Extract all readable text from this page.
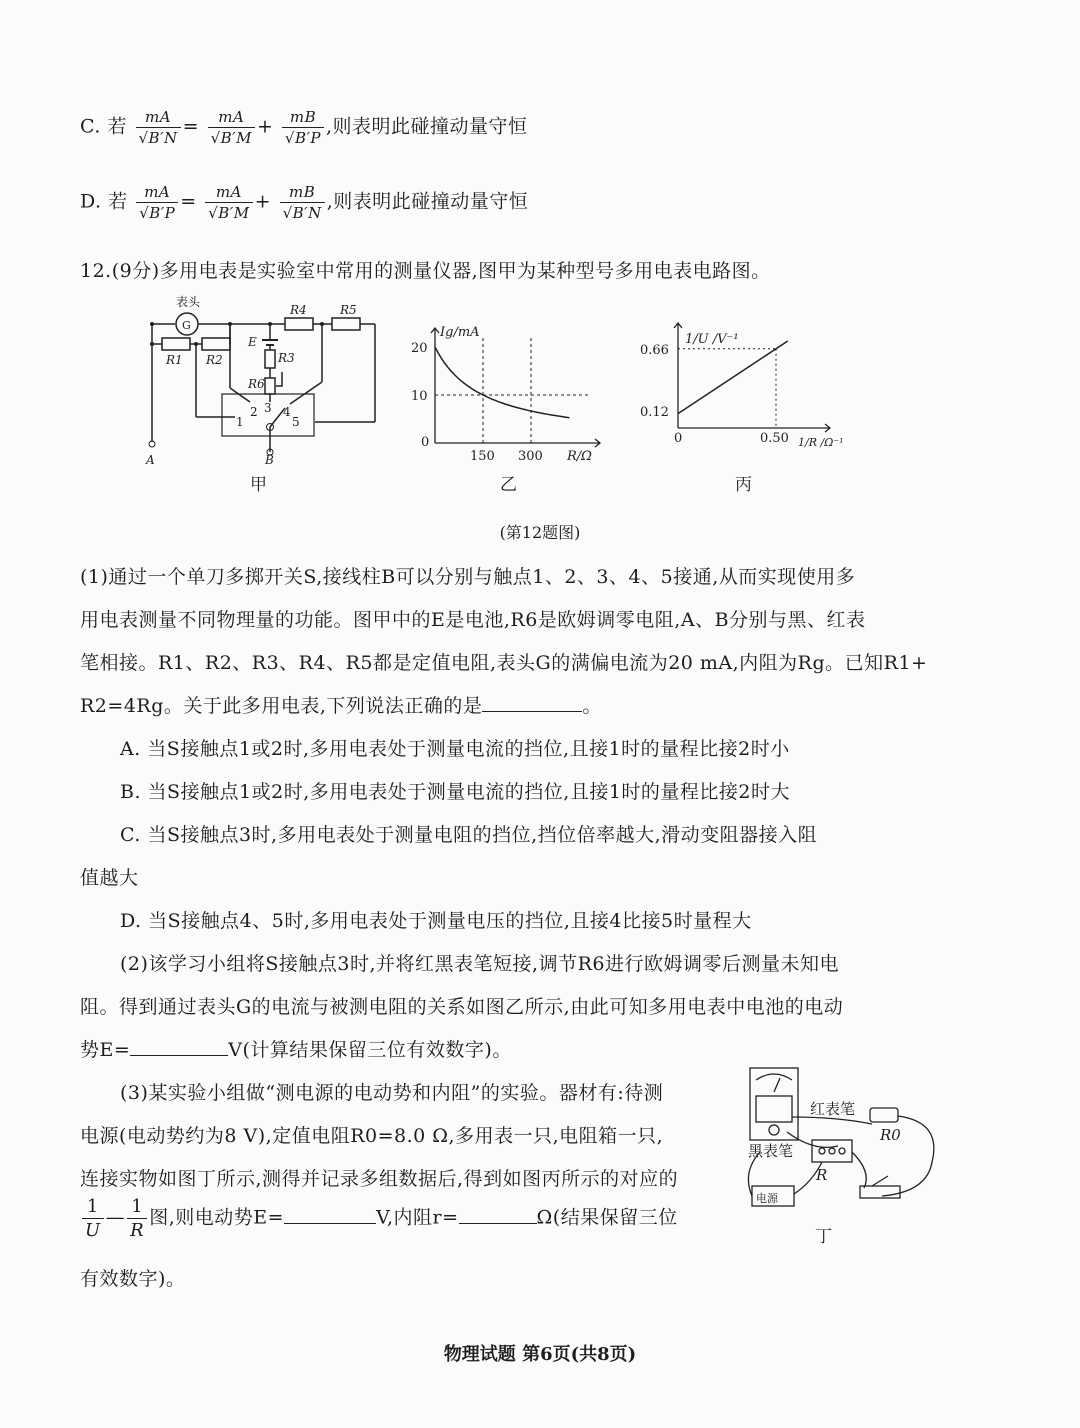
C. 若 $\frac{mA}{√B'N} = \frac{mA}{√B'M} + \frac{mB}{√B'P}$ ,则表明此碰撞动量守恒
D. 若 $\frac{mA}{√B'P} = \frac{mA}{√B'M} + \frac{mB}{√B'N}$ ,则表明此碰撞动量守恒
12.(9分)多用电表是实验室中常用的测量仪器,图甲为某种型号多用电表电路图。
表头
G
R1 R2	R3
R4	R5
R6
E
A	B
1
2 3 4
5
甲
Ig/mA
20
10
0
150 300 R/Ω
乙
1/U /V⁻¹
0.66
0.12
0	0.50 1/R /Ω⁻¹
丙
(第12题图)
(1)通过一个单刀多掷开关S,接线柱B可以分别与触点1、2、3、4、5接通,从而实现使用多
用电表测量不同物理量的功能。图甲中的E是电池,R6是欧姆调零电阻,A、B分别与黑、红表
笔相接。R1、R2、R3、R4、R5都是定值电阻,表头G的满偏电流为20 mA,内阻为Rg。已知R1+
R2=4Rg。关于此多用电表,下列说法正确的是	。
A. 当S接触点1或2时,多用电表处于测量电流的挡位,且接1时的量程比接2时小
B. 当S接触点1或2时,多用电表处于测量电流的挡位,且接1时的量程比接2时大
C. 当S接触点3时,多用电表处于测量电阻的挡位,挡位倍率越大,滑动变阻器接入阻
值越大
D. 当S接触点4、5时,多用电表处于测量电压的挡位,且接4比接5时量程大
(2)该学习小组将S接触点3时,并将红黑表笔短接,调节R6进行欧姆调零后测量未知电
阻。得到通过表头G的电流与被测电阻的关系如图乙所示,由此可知多用电表中电池的电动
势E=	V(计算结果保留三位有效数字)。
(3)某实验小组做“测电源的电动势和内阻”的实验。器材有:待测
电源(电动势约为8 V),定值电阻R0=8.0 Ω,多用表一只,电阻箱一只,
连接实物如图丁所示,测得并记录多组数据后,得到如图丙所示的对应的
$\frac{1}{U}$ — $\frac{1}{R}$ 图,则电动势E=	V,内阻r=	Ω(结果保留三位
有效数字)。
红表笔
黑表笔
R0
R
电源
丁
物理试题 第6页(共8页)
